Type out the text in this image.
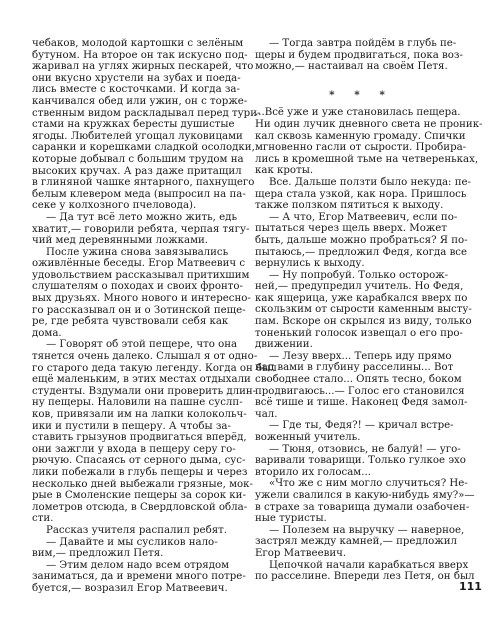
чебаков, молодой картошки с зелёным
бутуном. На второе он так искусно под-
жаривал на углях жирных пескарей, что
они вкусно хрустели на зубах и поеда-
лись вместе с косточками. И когда за-
канчивался обед или ужин, он с торже-
ственным видом раскладывал перед тури-
стами на кружках бересты душистые
ягоды. Любителей угощал луковицами
саранки и корешками сладкой осолодки,
которые добывал с большим трудом на
высоких кручах. А раз даже притащил
в глиняной чашке янтарного, пахнущего
белым клевером меда (выпросил на па-
секе у колхозного пчеловода).
— Да тут всё лето можно жить, едь
хватит,— говорили ребята, черпая тягу-
чий мед деревянными ложками.
После ужина снова завязывались
оживлённые беседы. Егор Матвеевич с
удовольствием рассказывал притихшим
слушателям о походах и своих фронто-
вых друзьях. Много нового и интересно-
го рассказывал он и о Зотинской пеще-
ре, где ребята чувствовали себя как
дома.
— Говорят об этой пещере, что она
тянется очень далеко. Слышал я от одно-
го старого деда такую легенду. Когда он был
ещё маленьким, в этих местах отдыхали
студенты. Вздумали они проверить длин-
ну пещеры. Наловили на пашне суслп-
ков, привязали им на лапки колокольч-
ики и пустили в пещеру. А чтобы за-
ставить грызунов продвигаться вперёд,
они зажгли у входа в пещеру серу го-
рючую. Спасаясь от серного дыма, сус-
лики побежали в глубь пещеры и через
несколько дней выбежали грязные, мок-
рые в Смоленские пещеры за сорок ки-
лометров отсюда, в Свердловской обла-
сти.
Рассказ учителя распалил ребят.
— Давайте и мы сусликов нало-
вим,— предложил Петя.
— Этим делом надо всем отрядом
заниматься, да и времени много потре-
буется,— возразил Егор Матвеевич.
— Тогда завтра пойдём в глубь пе-
щеры и будем продвигаться, пока воз-
можно,— настаивал на своём Петя.
* * *
...Всё уже и уже становилась пещера.
Ни один лучик дневного света не проник-
кал сквозь каменную громаду. Спички
мгновенно гасли от сырости. Пробира-
лись в кромешной тьме на четвереньках,
как кроты.
Все. Дальше ползти было некуда: пе-
щера стала узкой, как нора. Пришлось
также ползком пятиться к выходу.
— А что, Егор Матвеевич, если по-
пытаться через щель вверх. Может
быть, дальше можно пробраться? Я по-
пытаюсь,— предложил Федя, когда все
вернулись к выходу.
— Ну попробуй. Только осторож-
ней,— предупредил учитель. Но Федя,
как ящерица, уже карабкался вверх по
скользким от сырости каменным высту-
пам. Вскоре он скрылся из виду, только
тоненький голосок извещал о его про-
движении.
— Лезу вверх... Теперь иду прямо
над вами в глубину расселины... Вот
свободнее стало... Опять тесно, боком
продвигаюсь...— Голос его становился
всё тише и тише. Наконец Федя замол-
чал.
— Где ты, Федя?! — кричал встре-
воженный учитель.
— Тюня, отзовись, не балуй! — уго-
варивали товарищи. Только гулкое эхо
вторило их голосам...
«Что же с ним могло случиться? Не-
ужели свалился в какую-нибудь яму?»—
в страхе за товарища думали озабочен-
ные туристы.
— Полезем на выручку — наверное,
застрял между камней,— предложил
Егор Матвеевич.
Цепочкой начали карабкаться вверх
по расселине. Впереди лез Петя, он был
111
